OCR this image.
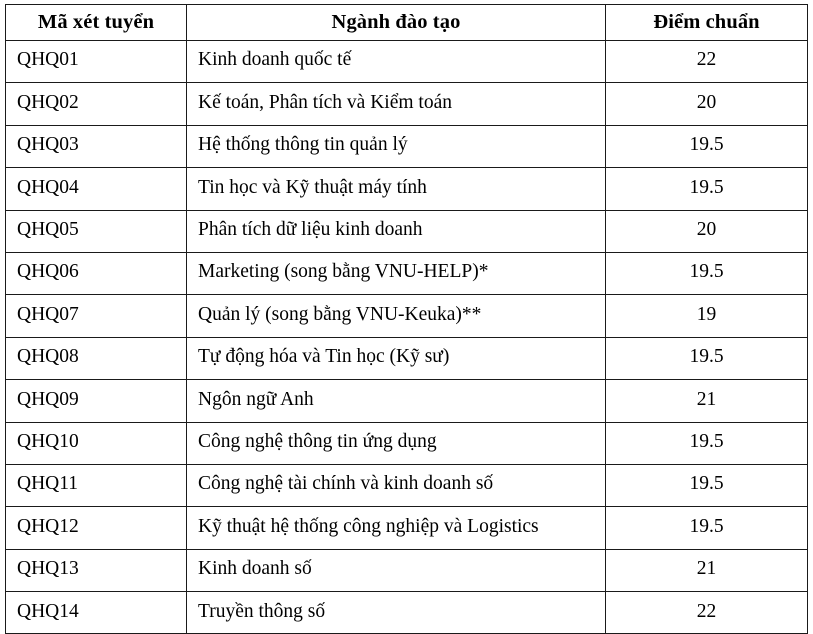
Mã xét tuyển	Ngành đào tạo	Điểm chuẩn
QHQ01	Kinh doanh quốc tế	22
QHQ02	Kế toán, Phân tích và Kiểm toán	20
QHQ03	Hệ thống thông tin quản lý	19.5
QHQ04	Tin học và Kỹ thuật máy tính	19.5
QHQ05	Phân tích dữ liệu kinh doanh	20
QHQ06	Marketing (song bằng VNU-HELP)*	19.5
QHQ07	Quản lý (song bằng VNU-Keuka)**	19
QHQ08	Tự động hóa và Tin học (Kỹ sư)	19.5
QHQ09	Ngôn ngữ Anh	21
QHQ10	Công nghệ thông tin ứng dụng	19.5
QHQ11	Công nghệ tài chính và kinh doanh số	19.5
QHQ12	Kỹ thuật hệ thống công nghiệp và Logistics	19.5
QHQ13	Kinh doanh số	21
QHQ14	Truyền thông số	22
